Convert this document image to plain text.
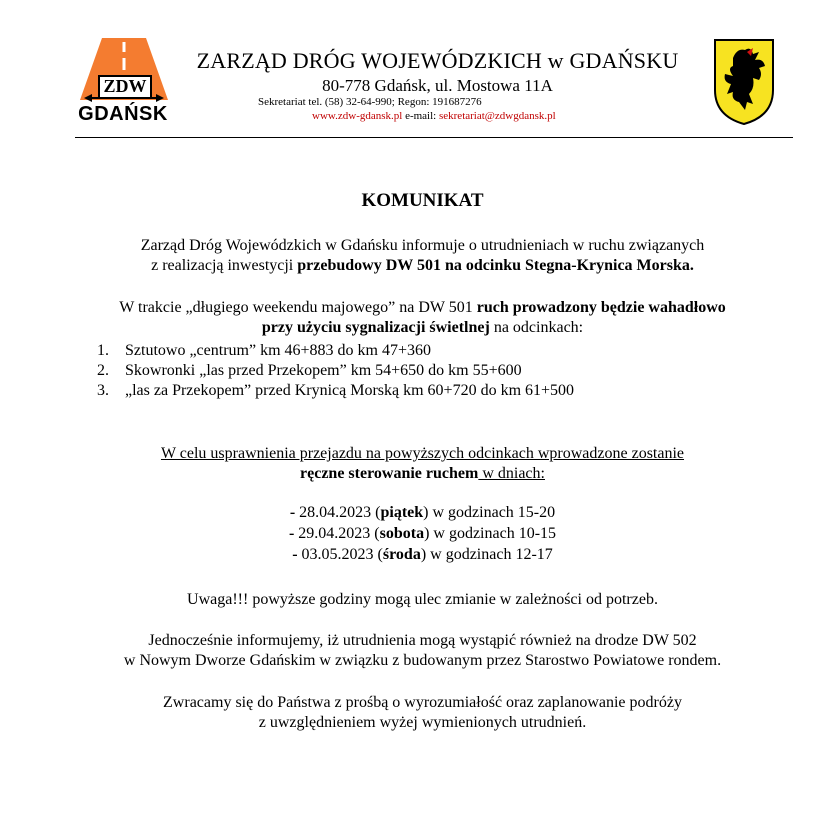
ZDW
GDAŃSK
ZARZĄD DRÓG WOJEWÓDZKICH w GDAŃSKU
80-778 Gdańsk, ul. Mostowa 11A
Sekretariat tel. (58) 32-64-990; Regon: 191687276
www.zdw-gdansk.pl e-mail: sekretariat@zdwgdansk.pl
KOMUNIKAT
Zarząd Dróg Wojewódzkich w Gdańsku informuje o utrudnieniach w ruchu związanych
z realizacją inwestycji przebudowy DW 501 na odcinku Stegna-Krynica Morska.
W trakcie „długiego weekendu majowego” na DW 501 ruch prowadzony będzie wahadłowo
przy użyciu sygnalizacji świetlnej na odcinkach:
1. Sztutowo „centrum” km 46+883 do km 47+360
2. Skowronki „las przed Przekopem” km 54+650 do km 55+600
3. „las za Przekopem” przed Krynicą Morską km 60+720 do km 61+500
W celu usprawnienia przejazdu na powyższych odcinkach wprowadzone zostanie
ręczne sterowanie ruchem w dniach:
- 28.04.2023 (piątek) w godzinach 15-20
- 29.04.2023 (sobota) w godzinach 10-15
- 03.05.2023 (środa) w godzinach 12-17
Uwaga!!! powyższe godziny mogą ulec zmianie w zależności od potrzeb.
Jednocześnie informujemy, iż utrudnienia mogą wystąpić również na drodze DW 502
w Nowym Dworze Gdańskim w związku z budowanym przez Starostwo Powiatowe rondem.
Zwracamy się do Państwa z prośbą o wyrozumiałość oraz zaplanowanie podróży
z uwzględnieniem wyżej wymienionych utrudnień.
